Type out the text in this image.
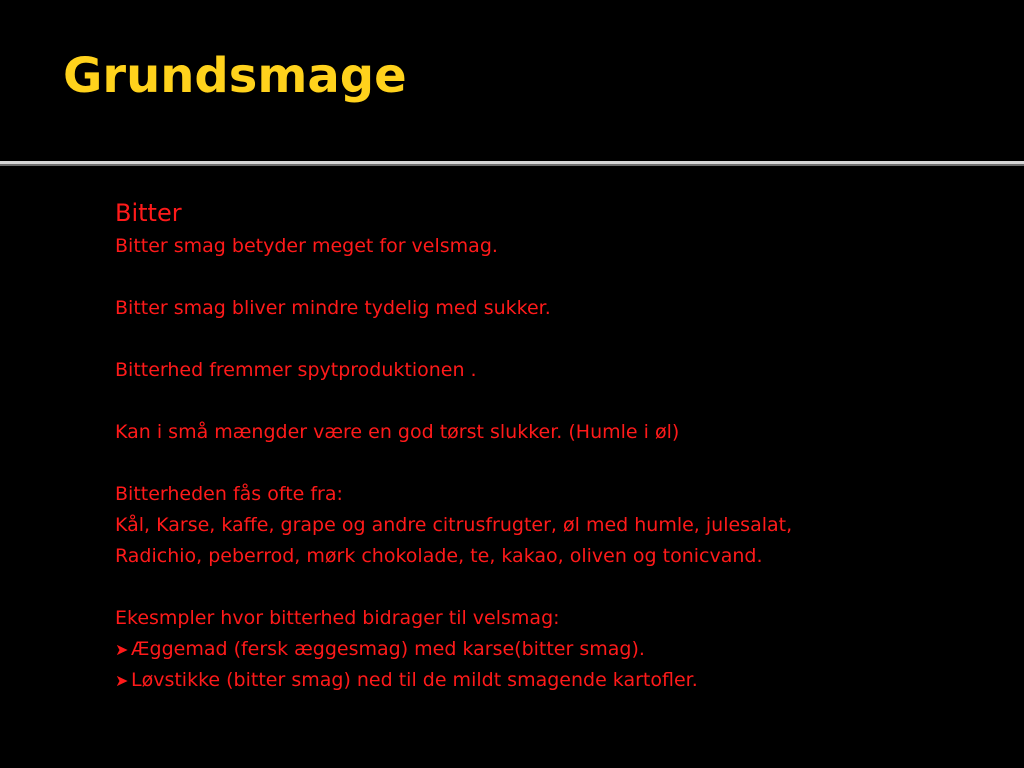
Grundsmage
Bitter
Bitter smag betyder meget for velsmag.
Bitter smag bliver mindre tydelig med sukker.
Bitterhed fremmer spytproduktionen .
Kan i små mængder være en god tørst slukker. (Humle i øl)
Bitterheden fås ofte fra:
Kål, Karse, kaffe, grape og andre citrusfrugter, øl med humle, julesalat,
Radichio, peberrod, mørk chokolade, te, kakao, oliven og tonicvand.
Ekesmpler hvor bitterhed bidrager til velsmag:
➤ Æggemad (fersk æggesmag) med karse(bitter smag).
➤ Løvstikke (bitter smag) ned til de mildt smagende kartofler.
